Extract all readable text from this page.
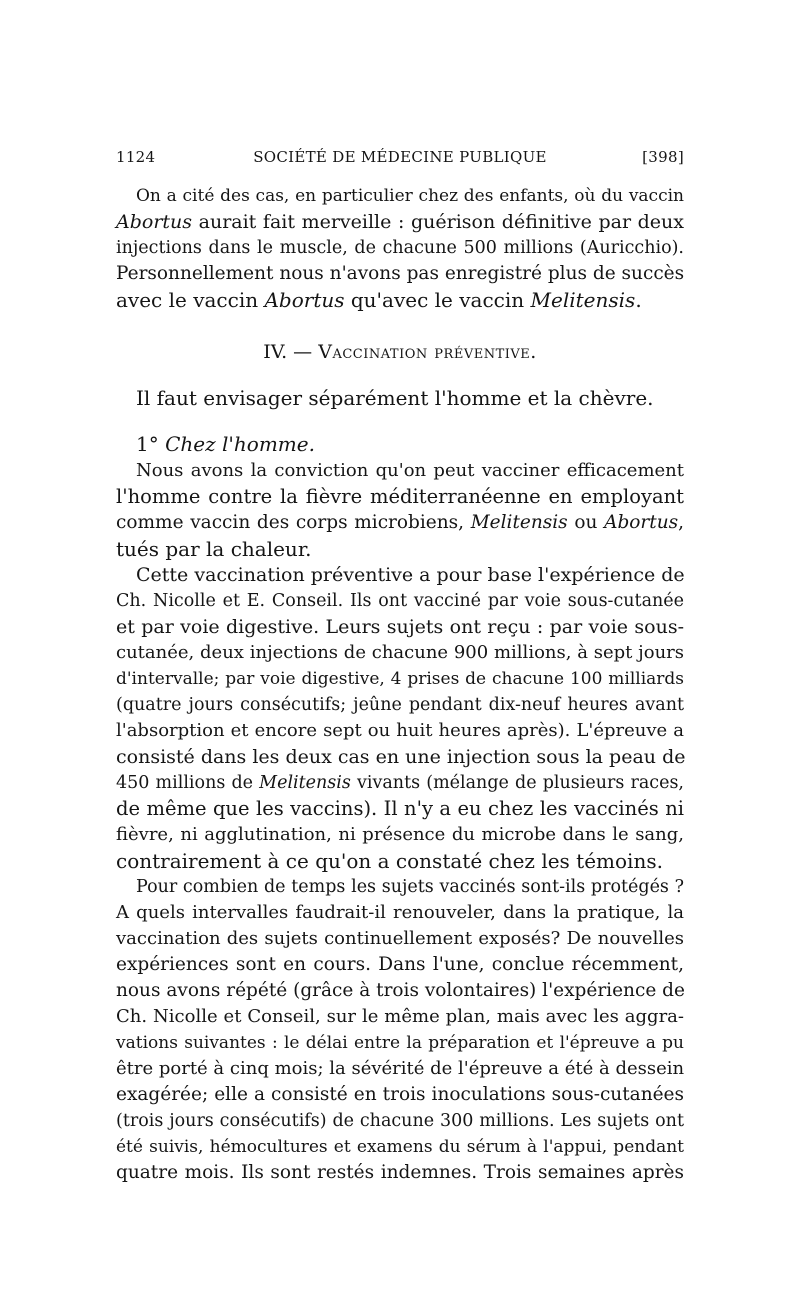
1124	SOCIÉTÉ DE MÉDECINE PUBLIQUE	[398]
On a cité des cas, en particulier chez des enfants, où du vaccin
Abortus aurait fait merveille : guérison définitive par deux
injections dans le muscle, de chacune 500 millions (Auricchio).
Personnellement nous n'avons pas enregistré plus de succès
avec le vaccin Abortus qu'avec le vaccin Melitensis.
IV. — Vaccination préventive.
Il faut envisager séparément l'homme et la chèvre.
1° Chez l'homme.
Nous avons la conviction qu'on peut vacciner efficacement
l'homme contre la fièvre méditerranéenne en employant
comme vaccin des corps microbiens, Melitensis ou Abortus,
tués par la chaleur.
Cette vaccination préventive a pour base l'expérience de
Ch. Nicolle et E. Conseil. Ils ont vacciné par voie sous-cutanée
et par voie digestive. Leurs sujets ont reçu : par voie sous-
cutanée, deux injections de chacune 900 millions, à sept jours
d'intervalle; par voie digestive, 4 prises de chacune 100 milliards
(quatre jours consécutifs; jeûne pendant dix-neuf heures avant
l'absorption et encore sept ou huit heures après). L'épreuve a
consisté dans les deux cas en une injection sous la peau de
450 millions de Melitensis vivants (mélange de plusieurs races,
de même que les vaccins). Il n'y a eu chez les vaccinés ni
fièvre, ni agglutination, ni présence du microbe dans le sang,
contrairement à ce qu'on a constaté chez les témoins.
Pour combien de temps les sujets vaccinés sont-ils protégés ?
A quels intervalles faudrait-il renouveler, dans la pratique, la
vaccination des sujets continuellement exposés? De nouvelles
expériences sont en cours. Dans l'une, conclue récemment,
nous avons répété (grâce à trois volontaires) l'expérience de
Ch. Nicolle et Conseil, sur le même plan, mais avec les aggra-
vations suivantes : le délai entre la préparation et l'épreuve a pu
être porté à cinq mois; la sévérité de l'épreuve a été à dessein
exagérée; elle a consisté en trois inoculations sous-cutanées
(trois jours consécutifs) de chacune 300 millions. Les sujets ont
été suivis, hémocultures et examens du sérum à l'appui, pendant
quatre mois. Ils sont restés indemnes. Trois semaines après
